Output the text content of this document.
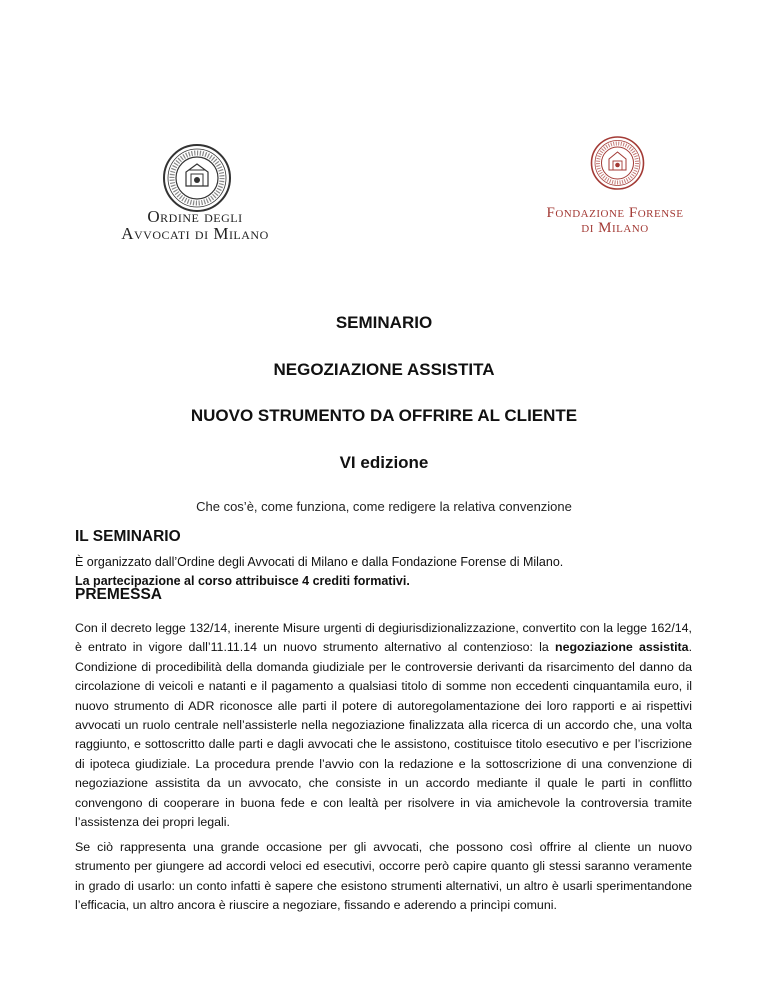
Ordine degli
Avvocati di Milano
Fondazione Forense
di Milano
SEMINARIO
NEGOZIAZIONE ASSISTITA
NUOVO STRUMENTO DA OFFRIRE AL CLIENTE
VI edizione
Che cos’è, come funziona, come redigere la relativa convenzione
IL SEMINARIO
È organizzato dall’Ordine degli Avvocati di Milano e dalla Fondazione Forense di Milano.
La partecipazione al corso attribuisce 4 crediti formativi.
PREMESSA
Con il decreto legge 132/14, inerente Misure urgenti di degiurisdizionalizzazione, convertito con la legge 162/14, è entrato in vigore dall’11.11.14 un nuovo strumento alternativo al contenzioso: la negoziazione assistita. Condizione di procedibilità della domanda giudiziale per le controversie derivanti da risarcimento del danno da circolazione di veicoli e natanti e il pagamento a qualsiasi titolo di somme non eccedenti cinquantamila euro, il nuovo strumento di ADR riconosce alle parti il potere di autoregolamentazione dei loro rapporti e ai rispettivi avvocati un ruolo centrale nell’assisterle nella negoziazione finalizzata alla ricerca di un accordo che, una volta raggiunto, e sottoscritto dalle parti e dagli avvocati che le assistono, costituisce titolo esecutivo e per l’iscrizione di ipoteca giudiziale. La procedura prende l’avvio con la redazione e la sottoscrizione di una convenzione di negoziazione assistita da un avvocato, che consiste in un accordo mediante il quale le parti in conflitto convengono di cooperare in buona fede e con lealtà per risolvere in via amichevole la controversia tramite l’assistenza dei propri legali.
Se ciò rappresenta una grande occasione per gli avvocati, che possono così offrire al cliente un nuovo strumento per giungere ad accordi veloci ed esecutivi, occorre però capire quanto gli stessi saranno veramente in grado di usarlo: un conto infatti è sapere che esistono strumenti alternativi, un altro è usarli sperimentandone l’efficacia, un altro ancora è riuscire a negoziare, fissando e aderendo a princìpi comuni.
